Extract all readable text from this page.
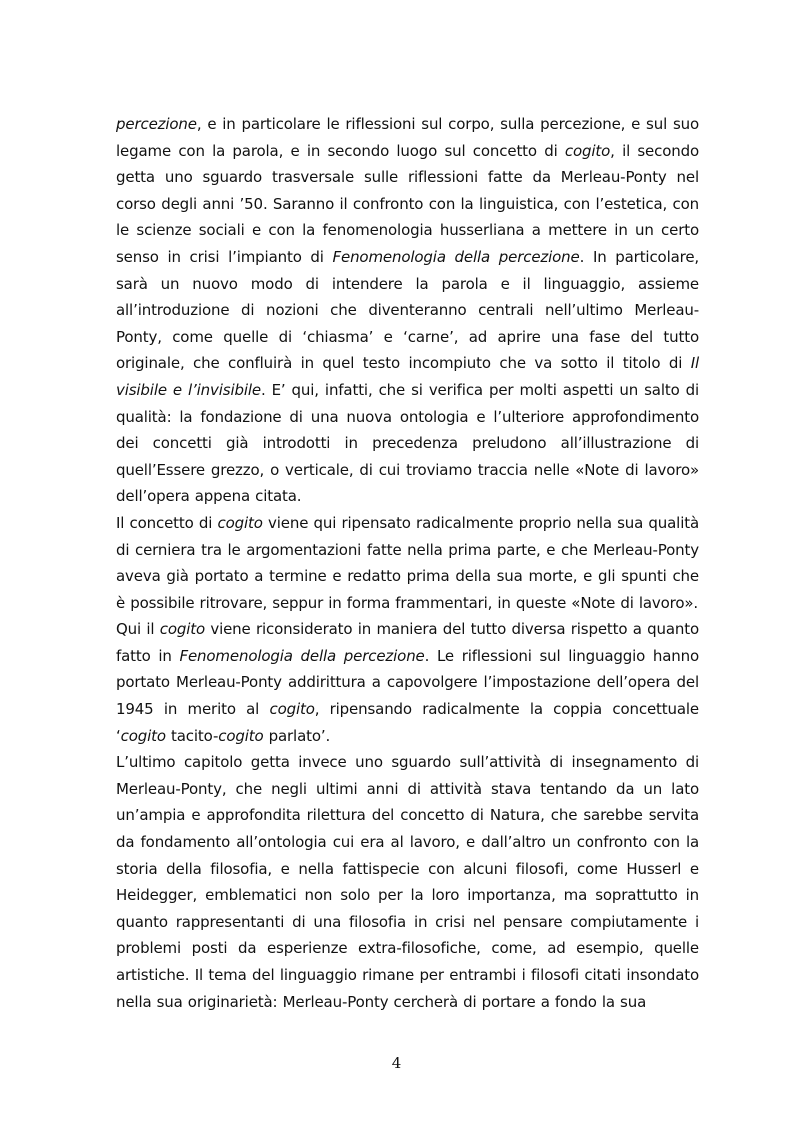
percezione, e in particolare le riflessioni sul corpo, sulla percezione, e sul suo legame con la parola, e in secondo luogo sul concetto di cogito, il secondo getta uno sguardo trasversale sulle riflessioni fatte da Merleau-Ponty nel corso degli anni ’50. Saranno il confronto con la linguistica, con l’estetica, con le scienze sociali e con la fenomenologia husserliana a mettere in un certo senso in crisi l’impianto di Fenomenologia della percezione. In particolare, sarà un nuovo modo di intendere la parola e il linguaggio, assieme all’introduzione di nozioni che diventeranno centrali nell’ultimo Merleau-Ponty, come quelle di ‘chiasma’ e ‘carne’, ad aprire una fase del tutto originale, che confluirà in quel testo incompiuto che va sotto il titolo di Il visibile e l’invisibile. E’ qui, infatti, che si verifica per molti aspetti un salto di qualità: la fondazione di una nuova ontologia e l’ulteriore approfondimento dei concetti già introdotti in precedenza preludono all’illustrazione di quell’Essere grezzo, o verticale, di cui troviamo traccia nelle «Note di lavoro» dell’opera appena citata.

Il concetto di cogito viene qui ripensato radicalmente proprio nella sua qualità di cerniera tra le argomentazioni fatte nella prima parte, e che Merleau-Ponty aveva già portato a termine e redatto prima della sua morte, e gli spunti che è possibile ritrovare, seppur in forma frammentari, in queste «Note di lavoro».

Qui il cogito viene riconsiderato in maniera del tutto diversa rispetto a quanto fatto in Fenomenologia della percezione. Le riflessioni sul linguaggio hanno portato Merleau-Ponty addirittura a capovolgere l’impostazione dell’opera del 1945 in merito al cogito, ripensando radicalmente la coppia concettuale ‘cogito tacito-cogito parlato’.

L’ultimo capitolo getta invece uno sguardo sull’attività di insegnamento di Merleau-Ponty, che negli ultimi anni di attività stava tentando da un lato un’ampia e approfondita rilettura del concetto di Natura, che sarebbe servita da fondamento all’ontologia cui era al lavoro, e dall’altro un confronto con la storia della filosofia, e nella fattispecie con alcuni filosofi, come Husserl e Heidegger, emblematici non solo per la loro importanza, ma soprattutto in quanto rappresentanti di una filosofia in crisi nel pensare compiutamente i problemi posti da esperienze extra-filosofiche, come, ad esempio, quelle artistiche. Il tema del linguaggio rimane per entrambi i filosofi citati insondato nella sua originarietà: Merleau-Ponty cercherà di portare a fondo la sua

4
